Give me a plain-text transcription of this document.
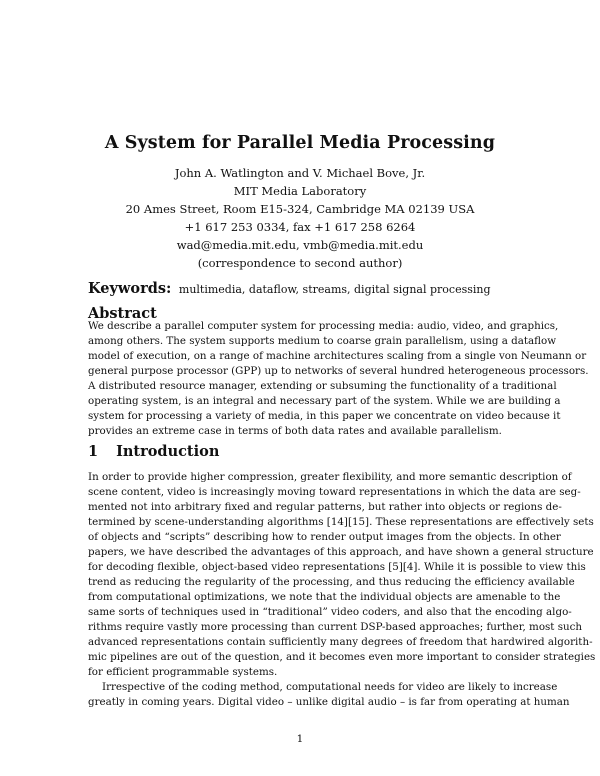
A System for Parallel Media Processing
John A. Watlington and V. Michael Bove, Jr.
MIT Media Laboratory
20 Ames Street, Room E15-324, Cambridge MA 02139 USA
+1 617 253 0334, fax +1 617 258 6264
wad@media.mit.edu, vmb@media.mit.edu
(correspondence to second author)
Keywords: multimedia, dataflow, streams, digital signal processing
Abstract
We describe a parallel computer system for processing media: audio, video, and graphics,
among others. The system supports medium to coarse grain parallelism, using a dataflow
model of execution, on a range of machine architectures scaling from a single von Neumann or
general purpose processor (GPP) up to networks of several hundred heterogeneous processors.
A distributed resource manager, extending or subsuming the functionality of a traditional
operating system, is an integral and necessary part of the system. While we are building a
system for processing a variety of media, in this paper we concentrate on video because it
provides an extreme case in terms of both data rates and available parallelism.
1 Introduction
In order to provide higher compression, greater flexibility, and more semantic description of
scene content, video is increasingly moving toward representations in which the data are seg-
mented not into arbitrary fixed and regular patterns, but rather into objects or regions de-
termined by scene-understanding algorithms [14][15]. These representations are effectively sets
of objects and “scripts” describing how to render output images from the objects. In other
papers, we have described the advantages of this approach, and have shown a general structure
for decoding flexible, object-based video representations [5][4]. While it is possible to view this
trend as reducing the regularity of the processing, and thus reducing the efficiency available
from computational optimizations, we note that the individual objects are amenable to the
same sorts of techniques used in “traditional” video coders, and also that the encoding algo-
rithms require vastly more processing than current DSP-based approaches; further, most such
advanced representations contain sufficiently many degrees of freedom that hardwired algorith-
mic pipelines are out of the question, and it becomes even more important to consider strategies
for efficient programmable systems.
Irrespective of the coding method, computational needs for video are likely to increase
greatly in coming years. Digital video – unlike digital audio – is far from operating at human
1
